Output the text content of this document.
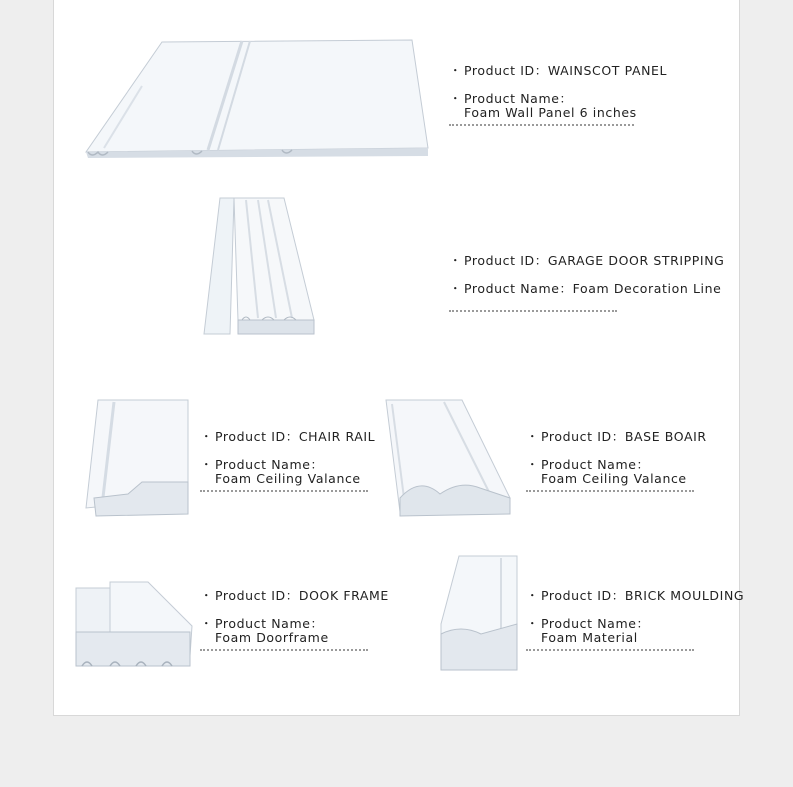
・ Product ID：WAINSCOT PANEL
・ Product Name：
Foam Wall Panel 6 inches
・ Product ID：GARAGE DOOR STRIPPING
・ Product Name：Foam Decoration Line
・ Product ID：CHAIR RAIL
・ Product Name：
Foam Ceiling Valance
・ Product ID：BASE BOAIR
・ Product Name：
Foam Ceiling Valance
・ Product ID：DOOK FRAME
・ Product Name：
Foam Doorframe
・ Product ID：BRICK MOULDING
・ Product Name：
Foam Material
